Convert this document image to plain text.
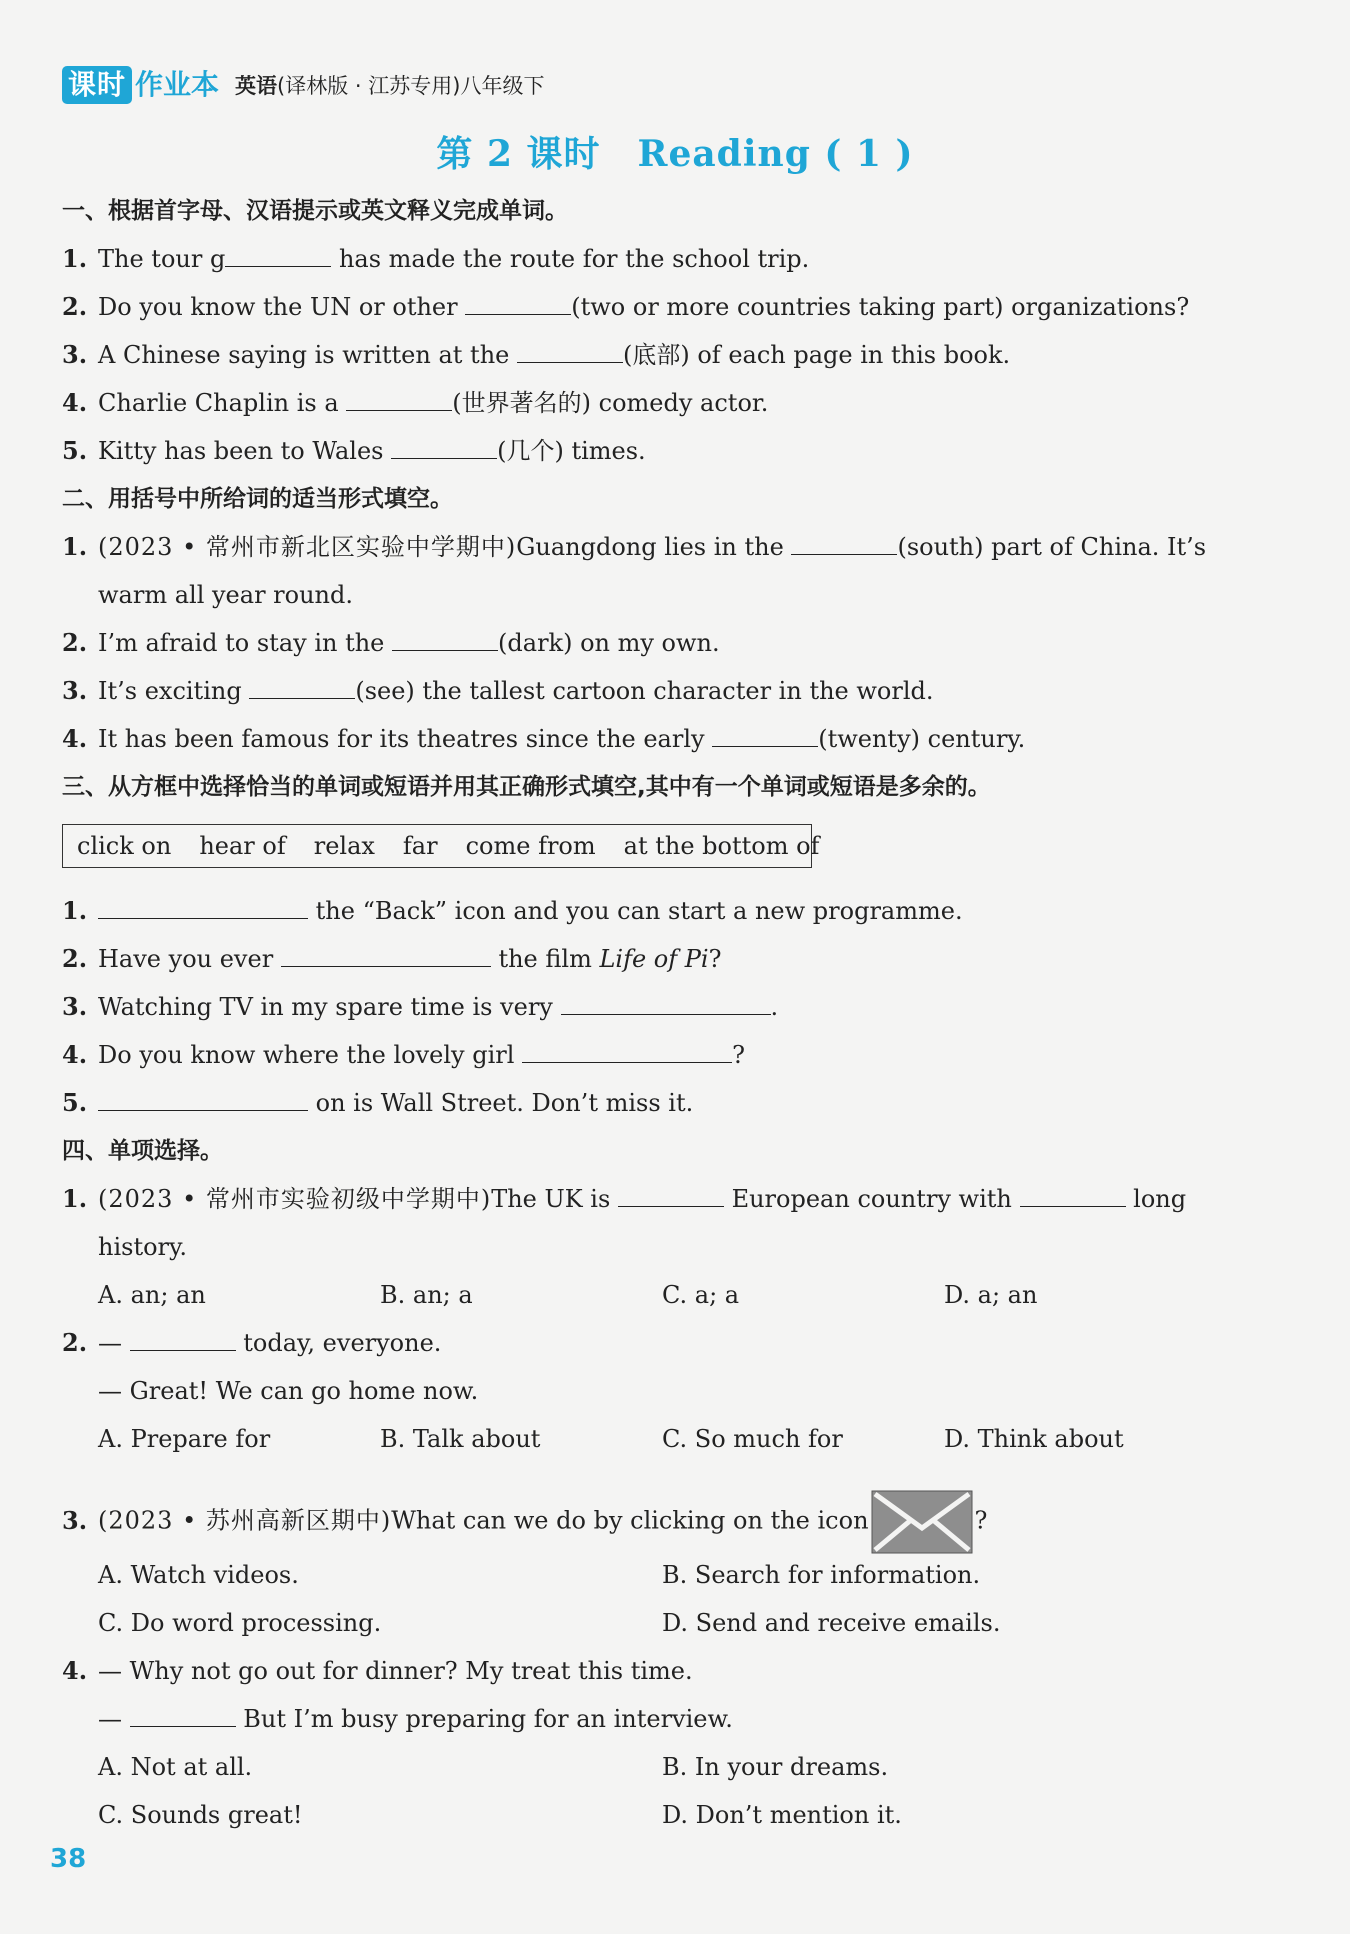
课时 作业本 英语(译林版 · 江苏专用)八年级下
第 2 课时　Reading ( 1 )
一、根据首字母、汉语提示或英文释义完成单词。
1. The tour g	has made the route for the school trip.
2. Do you know the UN or other	(two or more countries taking part) organizations?
3. A Chinese saying is written at the	(底部) of each page in this book.
4. Charlie Chaplin is a	(世界著名的) comedy actor.
5. Kitty has been to Wales	(几个) times.
二、用括号中所给词的适当形式填空。
1. (2023 • 常州市新北区实验中学期中)Guangdong lies in the	(south) part of China. It’s
warm all year round.
2. I’m afraid to stay in the	(dark) on my own.
3. It’s exciting	(see) the tallest cartoon character in the world.
4. It has been famous for its theatres since the early	(twenty) century.
三、从方框中选择恰当的单词或短语并用其正确形式填空,其中有一个单词或短语是多余的。
click on hear of relax far come from at the bottom of
1.	the “Back” icon and you can start a new programme.
2. Have you ever	the film Life of Pi?
3. Watching TV in my spare time is very	.
4. Do you know where the lovely girl	?
5.	on is Wall Street. Don’t miss it.
四、单项选择。
1. (2023 • 常州市实验初级中学期中)The UK is	European country with	long
history.
A. an; an	B. an; a	C. a; a	D. a; an
2. —	today, everyone.
— Great! We can go home now.
A. Prepare for	B. Talk about	C. So much for	D. Think about
3. (2023 • 苏州高新区期中)What can we do by clicking on the icon	?
A. Watch videos.	B. Search for information.
C. Do word processing.	D. Send and receive emails.
4. — Why not go out for dinner? My treat this time.
—	But I’m busy preparing for an interview.
A. Not at all.	B. In your dreams.
C. Sounds great!	D. Don’t mention it.
38
